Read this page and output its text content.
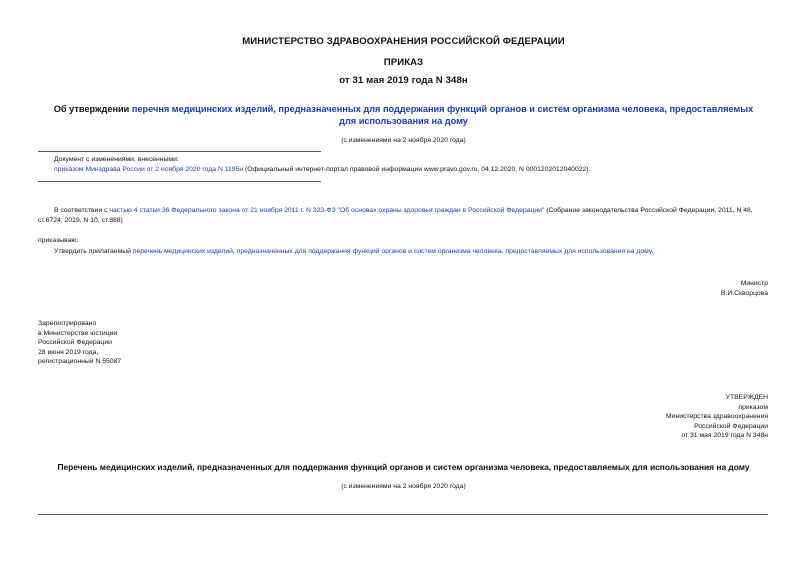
МИНИСТЕРСТВО ЗДРАВООХРАНЕНИЯ РОССИЙСКОЙ ФЕДЕРАЦИИ
ПРИКАЗ
от 31 мая 2019 года N 348н
Об утверждении перечня медицинских изделий, предназначенных для поддержания функций органов и систем организма человека, предоставляемых для использования на дому
(с изменениями на 2 ноября 2020 года)
Документ с изменениями, внесенными:
приказом Минздрава России от 2 ноября 2020 года N 1195н (Официальный интернет-портал правовой информации www.pravo.gov.ru, 04.12.2020, N 0001202012040022).
В соответствии с частью 4 статьи 36 Федерального закона от 21 ноября 2011 г. N 323-ФЗ "Об основах охраны здоровья граждан в Российской Федерации" (Собрание законодательства Российской Федерации, 2011, N 48, ст.6724; 2019, N 10, ст.888)
приказываю:
Утвердить прилагаемый перечень медицинских изделий, предназначенных для поддержания функций органов и систем организма человека, предоставляемых для использования на дому.
Министр
В.И.Скворцова
Зарегистрировано
в Министерстве юстиции
Российской Федерации
28 июня 2019 года,
регистрационный N 55087
УТВЕРЖДЕН
приказом
Министерства здравоохранения
Российской Федерации
от 31 мая 2019 года N 348н
Перечень медицинских изделий, предназначенных для поддержания функций органов и систем организма человека, предоставляемых для использования на дому
(с изменениями на 2 ноября 2020 года)
